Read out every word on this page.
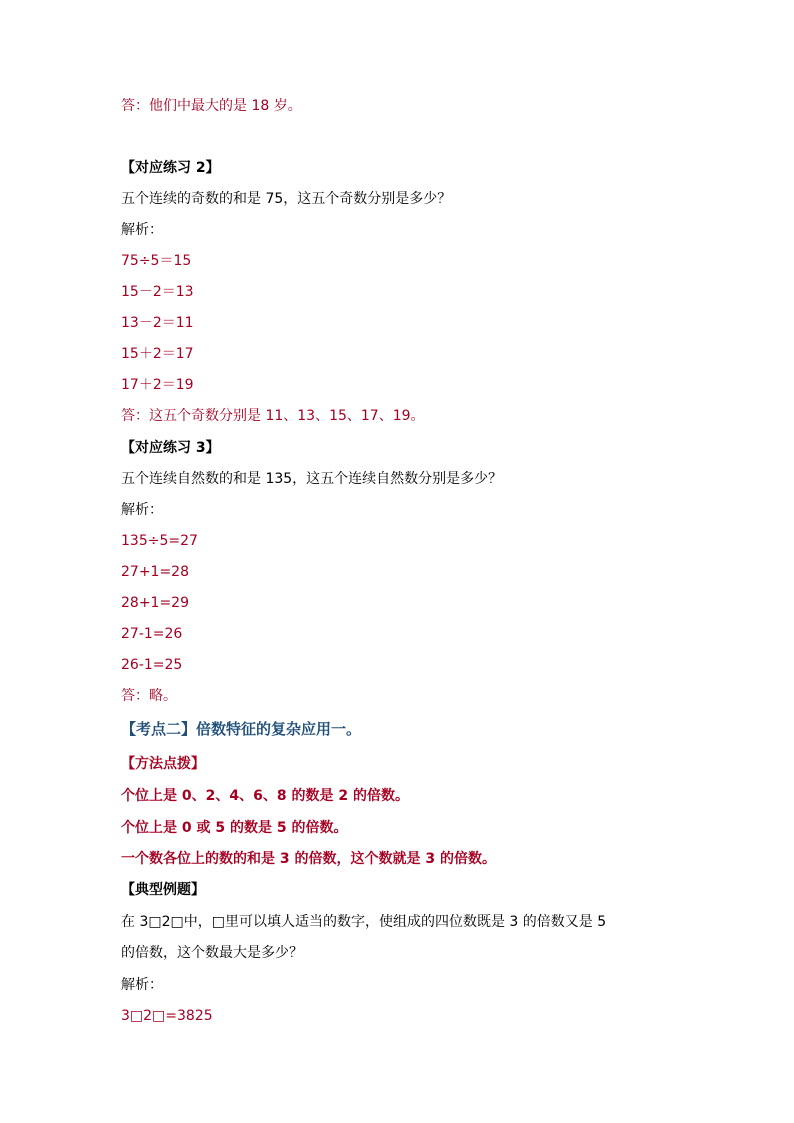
答：他们中最大的是 18 岁。
【对应练习 2】
五个连续的奇数的和是 75，这五个奇数分别是多少？
解析：
75÷5＝15
15－2＝13
13－2＝11
15＋2＝17
17＋2＝19
答：这五个奇数分别是 11、13、15、17、19。
【对应练习 3】
五个连续自然数的和是 135，这五个连续自然数分别是多少？
解析：
135÷5=27
27+1=28
28+1=29
27-1=26
26-1=25
答：略。
【考点二】倍数特征的复杂应用一。
【方法点拨】
个位上是 0、2、4、6、8 的数是 2 的倍数。
个位上是 0 或 5 的数是 5 的倍数。
一个数各位上的数的和是 3 的倍数，这个数就是 3 的倍数。
【典型例题】
在 3□2□中，□里可以填人适当的数字，使组成的四位数既是 3 的倍数又是 5
的倍数，这个数最大是多少？
解析：
3□2□=3825
